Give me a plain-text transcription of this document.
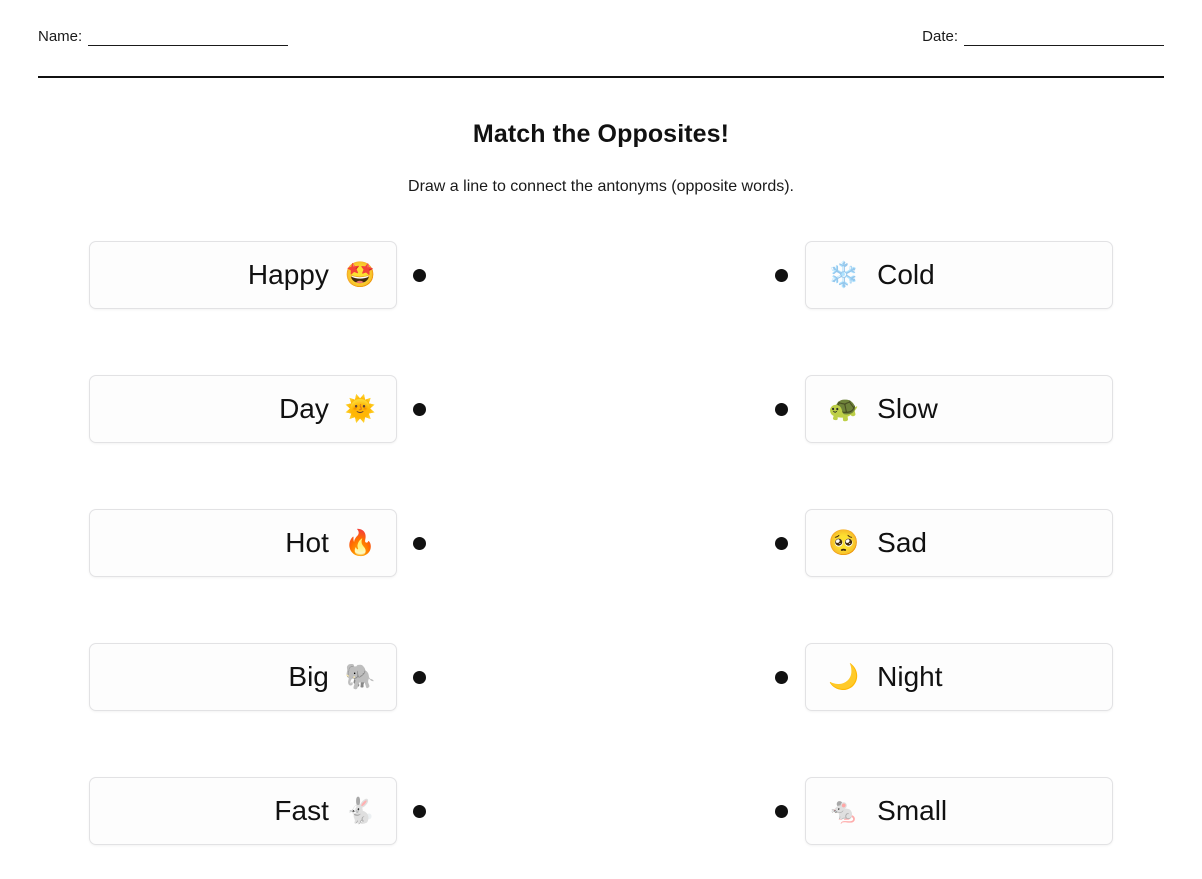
Name:	Date:
Match the Opposites!
Draw a line to connect the antonyms (opposite words).
Happy 🤩	❄️ Cold
Day 🌞	🐢 Slow
Hot 🔥	🥺 Sad
Big 🐘	🌙 Night
Fast 🐇	🐁 Small
